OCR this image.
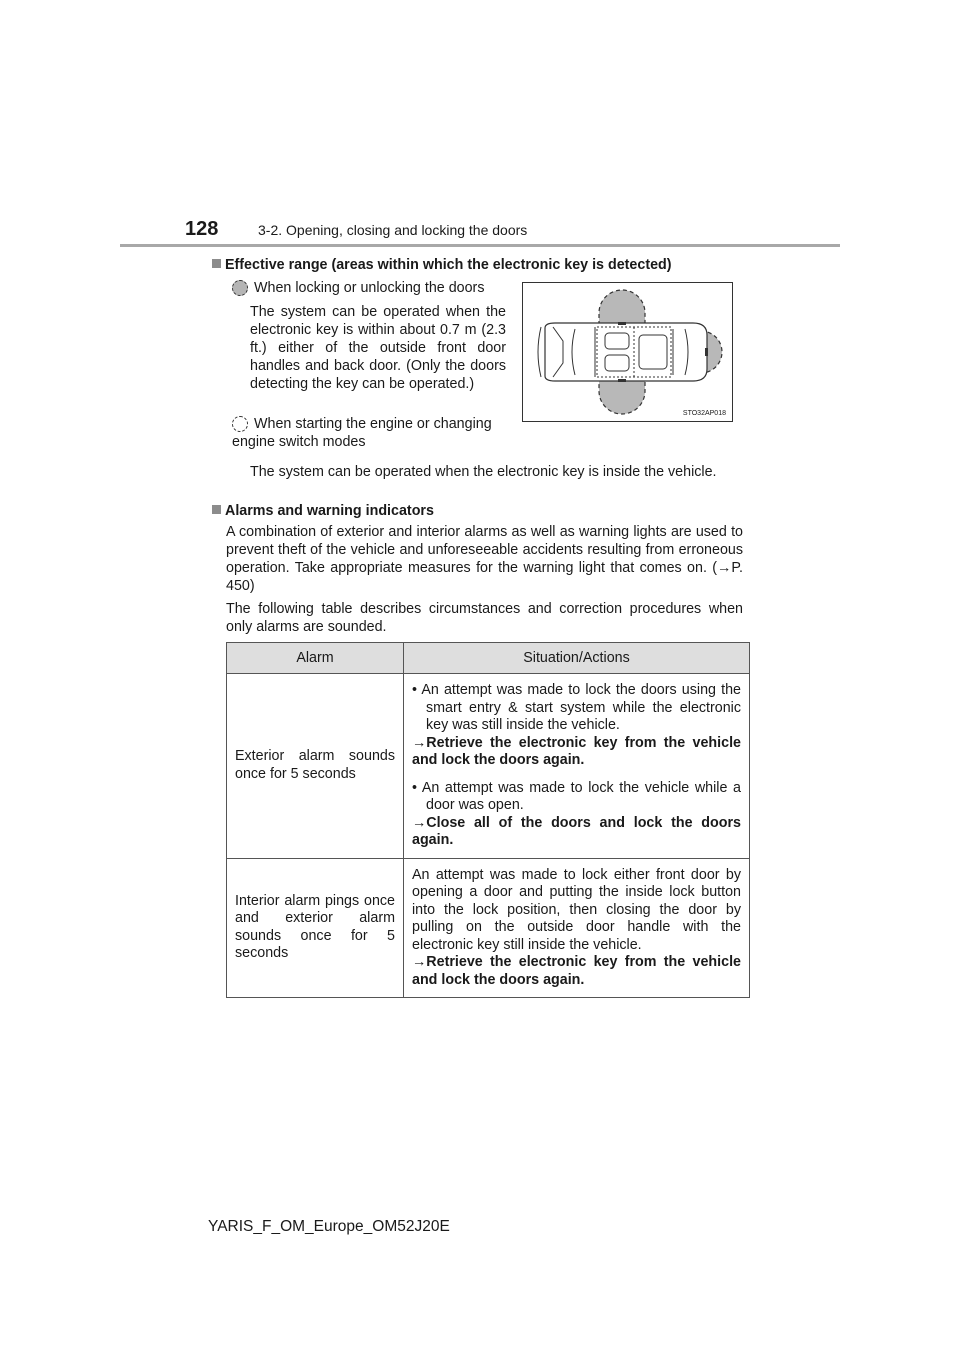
128	3-2. Opening, closing and locking the doors
Effective range (areas within which the electronic key is detected)
When locking or unlocking the doors
The system can be operated when the electronic key is within about 0.7 m (2.3 ft.) either of the outside front door handles and back door. (Only the doors detecting the key can be operated.)
When starting the engine or changing engine switch modes
The system can be operated when the electronic key is inside the vehicle.
STO32AP018
Alarms and warning indicators
A combination of exterior and interior alarms as well as warning lights are used to prevent theft of the vehicle and unforeseeable accidents resulting from erroneous operation. Take appropriate measures for the warning light that comes on. (→P. 450)
The following table describes circumstances and correction procedures when only alarms are sounded.
Alarm	Situation/Actions
Exterior alarm sounds once for 5 seconds	• An attempt was made to lock the doors using the smart entry & start system while the electronic key was still inside the vehicle.
→Retrieve the electronic key from the vehicle and lock the doors again.
• An attempt was made to lock the vehicle while a door was open.
→Close all of the doors and lock the doors again.

Interior alarm pings once and exterior alarm sounds once for 5 seconds	An attempt was made to lock either front door by opening a door and putting the inside lock button into the lock position, then closing the door by pulling on the outside door handle with the electronic key still inside the vehicle.
→Retrieve the electronic key from the vehicle and lock the doors again.
YARIS_F_OM_Europe_OM52J20E
